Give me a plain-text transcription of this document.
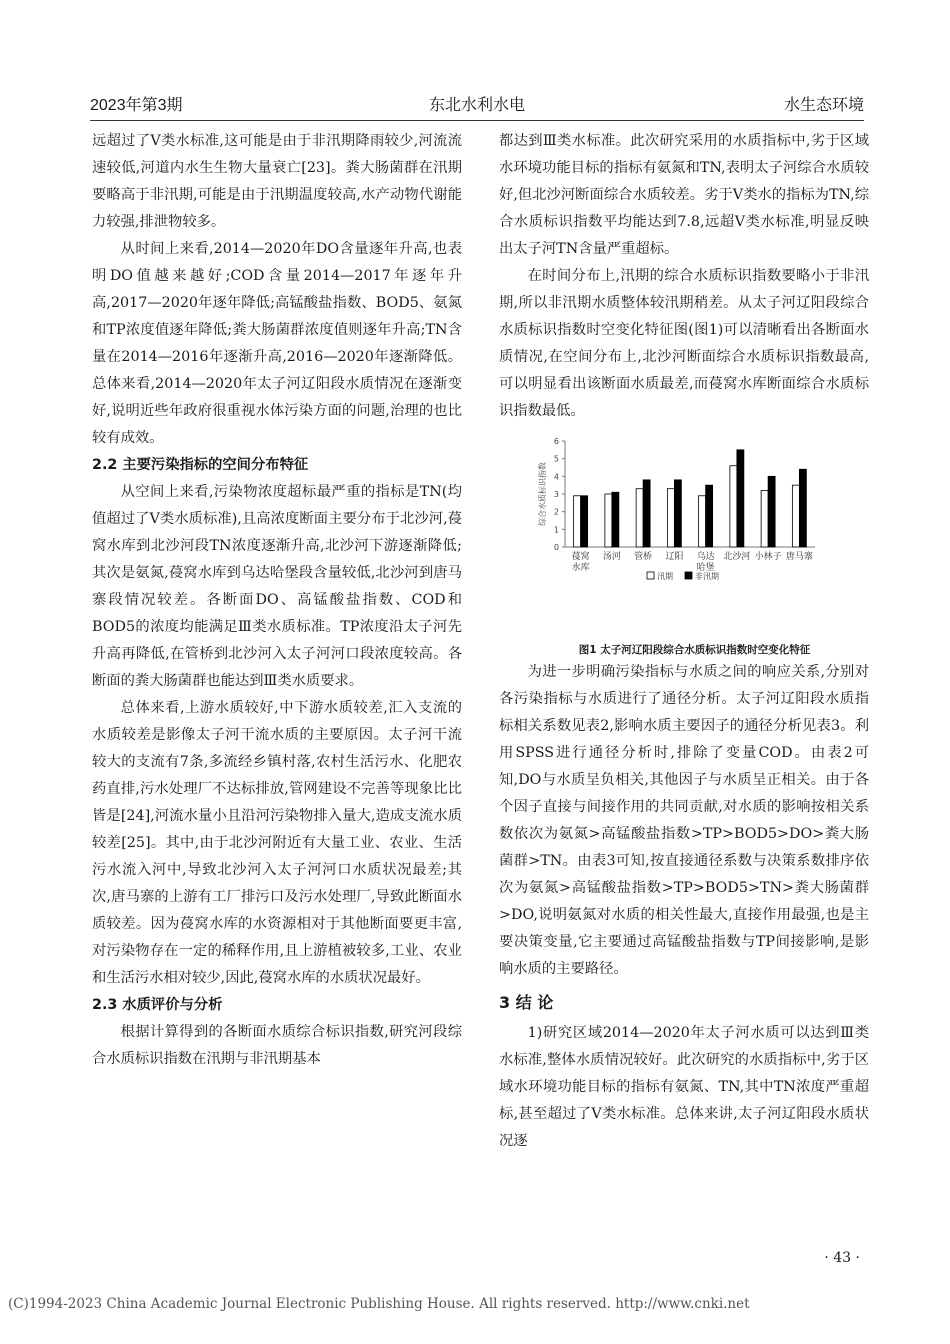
2023年第3期	东北水利水电	水生态环境

远超过了Ⅴ类水标准,这可能是由于非汛期降雨较少,河流流速较低,河道内水生生物大量衰亡[23]。粪大肠菌群在汛期要略高于非汛期,可能是由于汛期温度较高,水产动物代谢能力较强,排泄物较多。

从时间上来看,2014—2020年DO含量逐年升高,也表明DO值越来越好;COD含量2014—2017年逐年升高,2017—2020年逐年降低;高锰酸盐指数、BOD5、氨氮和TP浓度值逐年降低;粪大肠菌群浓度值则逐年升高;TN含量在2014—2016年逐渐升高,2016—2020年逐渐降低。总体来看,2014—2020年太子河辽阳段水质情况在逐渐变好,说明近些年政府很重视水体污染方面的问题,治理的也比较有成效。

2.2 主要污染指标的空间分布特征

从空间上来看,污染物浓度超标最严重的指标是TN(均值超过了Ⅴ类水质标准),且高浓度断面主要分布于北沙河,葠窝水库到北沙河段TN浓度逐渐升高,北沙河下游逐渐降低;其次是氨氮,葠窝水库到乌达哈堡段含量较低,北沙河到唐马寨段情况较差。各断面DO、高锰酸盐指数、COD和BOD5的浓度均能满足Ⅲ类水质标准。TP浓度沿太子河先升高再降低,在管桥到北沙河入太子河河口段浓度较高。各断面的粪大肠菌群也能达到Ⅲ类水质要求。

总体来看,上游水质较好,中下游水质较差,汇入支流的水质较差是影像太子河干流水质的主要原因。太子河干流较大的支流有7条,多流经乡镇村落,农村生活污水、化肥农药直排,污水处理厂不达标排放,管网建设不完善等现象比比皆是[24],河流水量小且沿河污染物排入量大,造成支流水质较差[25]。其中,由于北沙河附近有大量工业、农业、生活污水流入河中,导致北沙河入太子河河口水质状况最差;其次,唐马寨的上游有工厂排污口及污水处理厂,导致此断面水质较差。因为葠窝水库的水资源相对于其他断面要更丰富,对污染物存在一定的稀释作用,且上游植被较多,工业、农业和生活污水相对较少,因此,葠窝水库的水质状况最好。

2.3 水质评价与分析

根据计算得到的各断面水质综合标识指数,研究河段综合水质标识指数在汛期与非汛期基本

都达到Ⅲ类水标准。此次研究采用的水质指标中,劣于区域水环境功能目标的指标有氨氮和TN,表明太子河综合水质较好,但北沙河断面综合水质较差。劣于Ⅴ类水的指标为TN,综合水质标识指数平均能达到7.8,远超Ⅴ类水标准,明显反映出太子河TN含量严重超标。

在时间分布上,汛期的综合水质标识指数要略小于非汛期,所以非汛期水质整体较汛期稍差。从太子河辽阳段综合水质标识指数时空变化特征图(图1)可以清晰看出各断面水质情况,在空间分布上,北沙河断面综合水质标识指数最高,可以明显看出该断面水质最差,而葠窝水库断面综合水质标识指数最低。

0
1
2
3
4
5
6
综合水质标识指数
葠窝水库
汤河 管桥 辽阳 乌达哈堡
北沙河 小林子 唐马寨
汛期	非汛期

图1 太子河辽阳段综合水质标识指数时空变化特征

为进一步明确污染指标与水质之间的响应关系,分别对各污染指标与水质进行了通径分析。太子河辽阳段水质指标相关系数见表2,影响水质主要因子的通径分析见表3。利用SPSS进行通径分析时,排除了变量COD。由表2可知,DO与水质呈负相关,其他因子与水质呈正相关。由于各个因子直接与间接作用的共同贡献,对水质的影响按相关系数依次为氨氮>高锰酸盐指数>TP>BOD5>DO>粪大肠菌群>TN。由表3可知,按直接通径系数与决策系数排序依次为氨氮>高锰酸盐指数>TP>BOD5>TN>粪大肠菌群>DO,说明氨氮对水质的相关性最大,直接作用最强,也是主要决策变量,它主要通过高锰酸盐指数与TP间接影响,是影响水质的主要路径。

3 结 论

1)研究区域2014—2020年太子河水质可以达到Ⅲ类水标准,整体水质情况较好。此次研究的水质指标中,劣于区域水环境功能目标的指标有氨氮、TN,其中TN浓度严重超标,甚至超过了Ⅴ类水标准。总体来讲,太子河辽阳段水质状况逐

· 43 ·
(C)1994-2023 China Academic Journal Electronic Publishing House. All rights reserved. http://www.cnki.net
